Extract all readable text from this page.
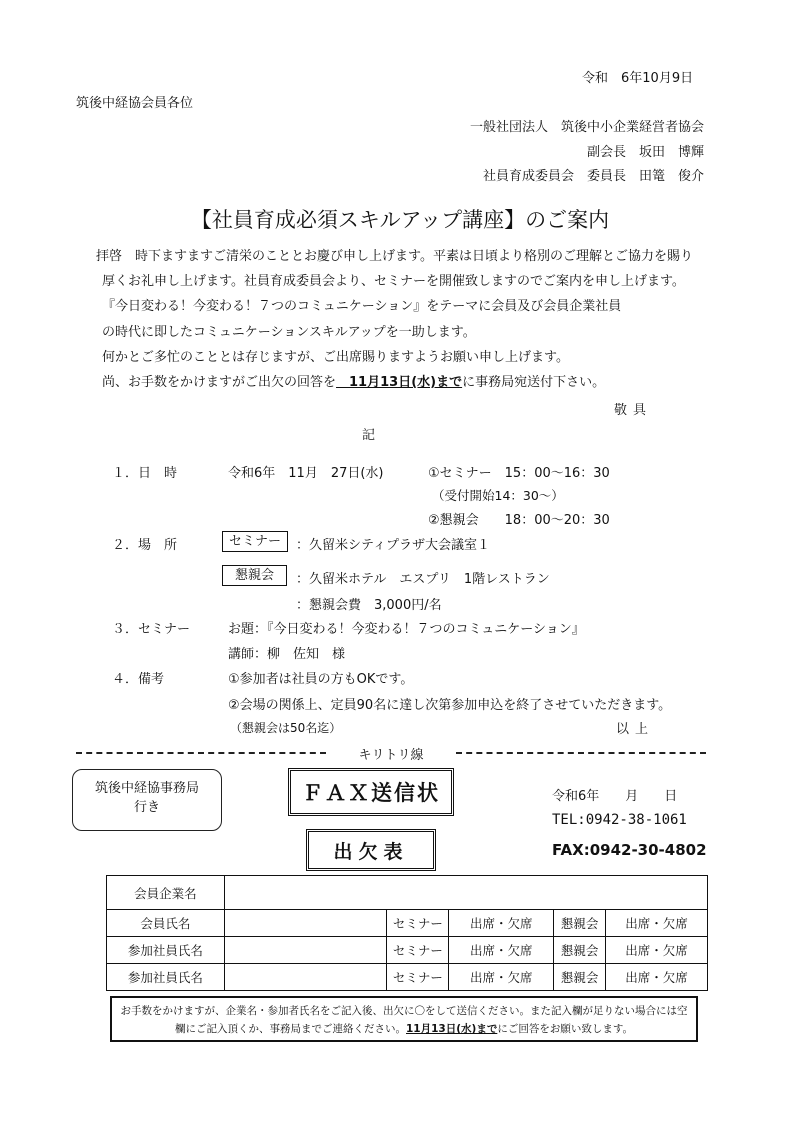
令和　6年10月9日
筑後中経協会員各位
一般社団法人　筑後中小企業経営者協会
副会長　坂田　博輝
社員育成委員会　委員長　田篭　俊介
【社員育成必須スキルアップ講座】のご案内
拝啓　時下ますますご清栄のこととお慶び申し上げます。平素は日頃より格別のご理解とご協力を賜り
厚くお礼申し上げます。社員育成委員会より、セミナーを開催致しますのでご案内を申し上げます。
『今日変わる！今変わる！７つのコミュニケーション』をテーマに会員及び会員企業社員
の時代に即したコミュニケーションスキルアップを一助します。
何かとご多忙のこととは存じますが、ご出席賜りますようお願い申し上げます。
尚、お手数をかけますがご出欠の回答を　11月13日(水)までに事務局宛送付下さい。
敬具
記
１．日　時	令和6年　11月　27日(水)	①セミナー　15：00～16：30
（受付開始14：30～）
②懇親会　　18：00～20：30
２．場　所	セミナー	：久留米シティプラザ大会議室１
懇親会	：久留米ホテル　エスプリ　1階レストラン
：懇親会費　3,000円/名
３．セミナー	お題：『今日変わる！今変わる！７つのコミュニケーション』
講師：柳　佐知　様
４．備考	①参加者は社員の方もOKです。
②会場の関係上、定員90名に達し次第参加申込を終了させていただきます。
（懇親会は50名迄）	以上
キリトリ線
筑後中経協事務局
行き
ＦＡＸ送信状
出欠表
令和6年　　月　　日
TEL:0942-38-1061
FAX:0942-30-4802
会員企業名					
会員氏名		セミナー	出席・欠席	懇親会	出席・欠席
参加社員氏名		セミナー	出席・欠席	懇親会	出席・欠席
参加社員氏名		セミナー	出席・欠席	懇親会	出席・欠席
お手数をかけますが、企業名・参加者氏名をご記入後、出欠に〇をして送信ください。また記入欄が足りない場合には空
欄にご記入頂くか、事務局までご連絡ください。11月13日(水)までにご回答をお願い致します。
